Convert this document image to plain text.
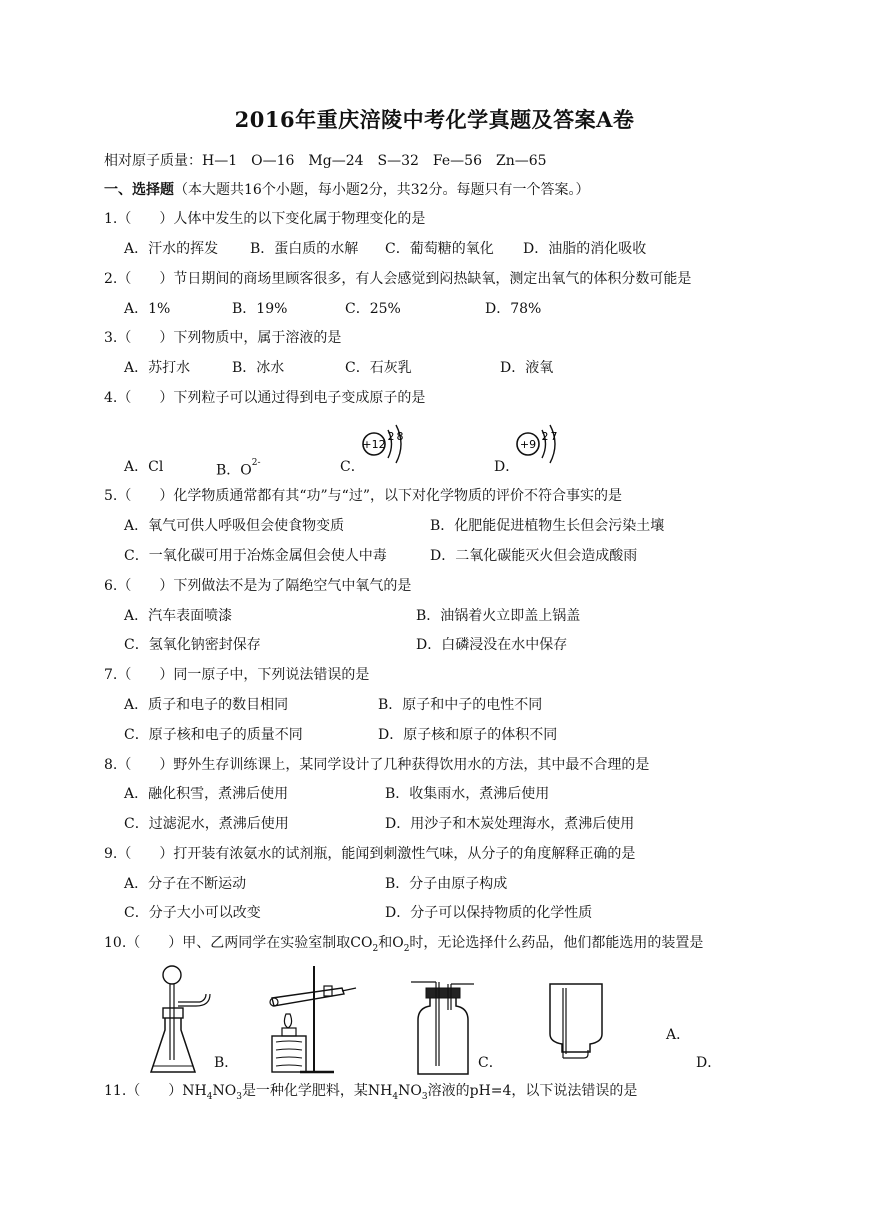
2016年重庆涪陵中考化学真题及答案A卷
相对原子质量：H—1　O—16　Mg—24　S—32　Fe—56　Zn—65
一、选择题（本大题共16个小题，每小题2分，共32分。每题只有一个答案。）
1.（　　）人体中发生的以下变化属于物理变化的是
A．汗水的挥发 B．蛋白质的水解 C．葡萄糖的氧化 D．油脂的消化吸收
2.（　　）节日期间的商场里顾客很多，有人会感觉到闷热缺氧，测定出氧气的体积分数可能是
A．1%	B．19%	C．25%	D．78%
3.（　　）下列物质中，属于溶液的是
A．苏打水	B．冰水	C．石灰乳	D．液氧
4.（　　）下列粒子可以通过得到电子变成原子的是
A．Cl	B．$O^{2-}$	C．	D．
+12
2 8
+9
2 7
5.（　　）化学物质通常都有其“功”与“过”，以下对化学物质的评价不符合事实的是
A．氧气可供人呼吸但会使食物变质	B．化肥能促进植物生长但会污染土壤
C．一氧化碳可用于冶炼金属但会使人中毒	D．二氧化碳能灭火但会造成酸雨
6.（　　）下列做法不是为了隔绝空气中氧气的是
A．汽车表面喷漆	B．油锅着火立即盖上锅盖
C．氢氧化钠密封保存	D．白磷浸没在水中保存
7.（　　）同一原子中，下列说法错误的是
A．质子和电子的数目相同	B．原子和中子的电性不同
C．原子核和电子的质量不同	D．原子核和原子的体积不同
8.（　　）野外生存训练课上，某同学设计了几种获得饮用水的方法，其中最不合理的是
A．融化积雪，煮沸后使用	B．收集雨水，煮沸后使用
C．过滤泥水，煮沸后使用	D．用沙子和木炭处理海水，煮沸后使用
9.（　　）打开装有浓氨水的试剂瓶，能闻到刺激性气味，从分子的角度解释正确的是
A．分子在不断运动	B．分子由原子构成
C．分子大小可以改变	D．分子可以保持物质的化学性质
10.（　　）甲、乙两同学在实验室制取$CO_2$和$O_2$时，无论选择什么药品，他们都能选用的装置是
B．	C．
A．
D．
11.（　　）$NH_4NO_3$是一种化学肥料，某$NH_4NO_3$溶液的pH=4，以下说法错误的是
